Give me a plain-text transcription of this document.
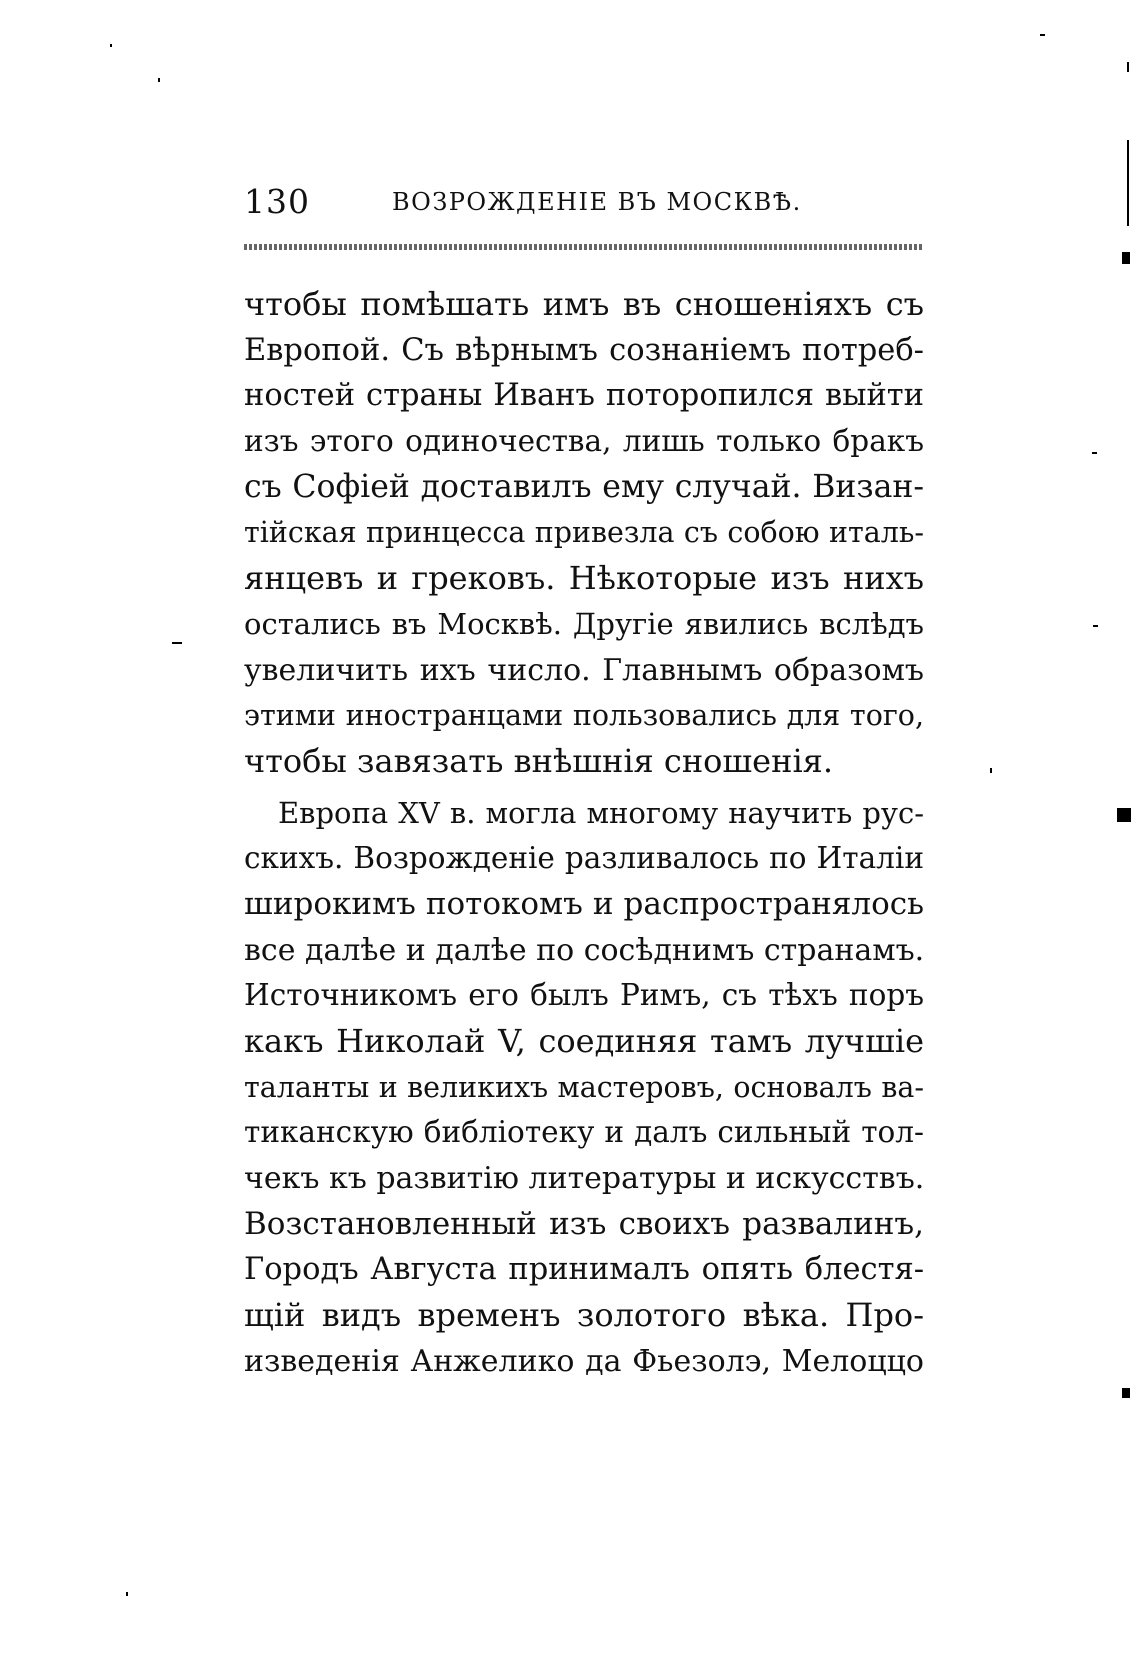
130	ВОЗРОЖДЕНІЕ ВЪ МОСКВѢ.
чтобы помѣшать имъ въ сношеніяхъ съ
Европой. Съ вѣрнымъ сознаніемъ потреб-
ностей страны Иванъ поторопился выйти
изъ этого одиночества, лишь только бракъ
съ Софіей доставилъ ему случай. Визан-
тійская принцесса привезла съ собою италь-
янцевъ и грековъ. Нѣкоторые изъ нихъ
остались въ Москвѣ. Другіе явились вслѣдъ
увеличить ихъ число. Главнымъ образомъ
этими иностранцами пользовались для того,
чтобы завязать внѣшнія сношенія.
Европа XV в. могла многому научить рус-
скихъ. Возрожденіе разливалось по Италіи
широкимъ потокомъ и распространялось
все далѣе и далѣе по сосѣднимъ странамъ.
Источникомъ его былъ Римъ, съ тѣхъ поръ
какъ Николай V, соединяя тамъ лучшіе
таланты и великихъ мастеровъ, основалъ ва-
тиканскую библіотеку и далъ сильный тол-
чекъ къ развитію литературы и искусствъ.
Возстановленный изъ своихъ развалинъ,
Городъ Августа принималъ опять блестя-
щій видъ временъ золотого вѣка. Про-
изведенія Анжелико да Фьезолэ, Мелоццо
